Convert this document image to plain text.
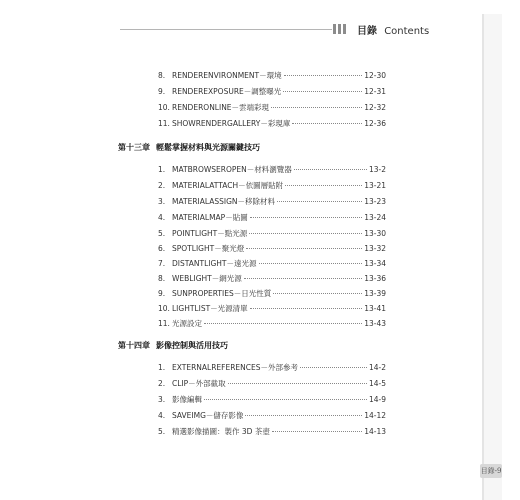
目錄 Contents
8. RENDERENVIRONMENT－環境	12-30
9. RENDEREXPOSURE－調整曝光	12-31
10. RENDERONLINE－雲端彩現	12-32
11. SHOWRENDERGALLERY－彩現庫	12-36
第十三章 輕鬆掌握材料與光源關鍵技巧
1. MATBROWSEROPEN－材料瀏覽器	13-2
2. MATERIALATTACH－依圖層貼附	13-21
3. MATERIALASSIGN－移除材料	13-23
4. MATERIALMAP－貼圖	13-24
5. POINTLIGHT－點光源	13-30
6. SPOTLIGHT－聚光燈	13-32
7. DISTANTLIGHT－遠光源	13-34
8. WEBLIGHT－網光源	13-36
9. SUNPROPERTIES－日光性質	13-39
10. LIGHTLIST－光源清單	13-41
11. 光源設定	13-43
第十四章 影像控制與活用技巧
1. EXTERNALREFERENCES－外部參考	14-2
2. CLIP－外部截取	14-5
3. 影像編輯	14-9
4. SAVEIMG－儲存影像	14-12
5. 精選影像描圖：製作 3D 茶壺	14-13
目錄-9
